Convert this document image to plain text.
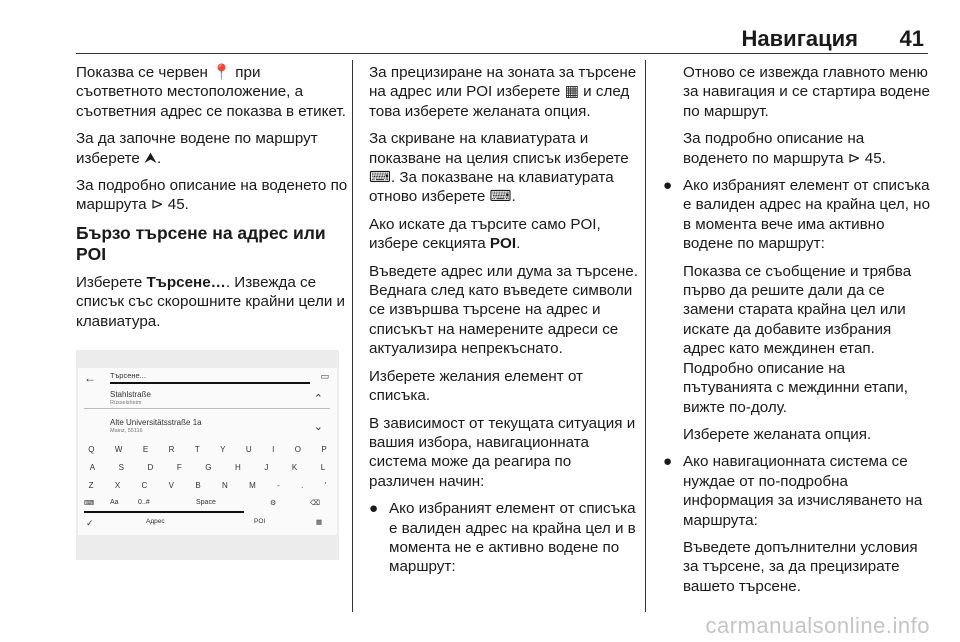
Навигация 41

Показва се червен 📍 при съответното местоположение, а съответния адрес се показва в етикет.

За да започне водене по маршрут изберете ⮝.

За подробно описание на воденето по маршрута ⊳ 45.

Бързо търсене на адрес или POI

Изберете Търсене…. Извежда се списък със скорошните крайни цели и клавиатура.

← Търсене...	▭
Stahlstraße
Rüsselsheim	⌃
Alte Universitätsstraße 1a
Mainz, 55116	⌄
Q	W	E	R	T	Y	U	I	O	P
A	S	D	F	G	H	J	K	L
Z	X	C	V	B	N	M	-	.	'
⌨ Aa	0..#	Space	⚙	⌫
✓	Адрес	POI	▦

За прецизиране на зоната за търсене на адрес или POI изберете ▦ и след това изберете желаната опция.

За скриване на клавиатурата и показване на целия списък изберете ⌨. За показване на клавиатурата отново изберете ⌨.

Ако искате да търсите само POI, избере секцията POI.

Въведете адрес или дума за търсене. Веднага след като въведете символи се извършва търсене на адрес и списъкът на намерените адреси се актуализира непрекъснато.

Изберете желания елемент от списъка.

В зависимост от текущата ситуация и вашия избора, навигационната система може да реагира по различен начин:

● Ако избраният елемент от списъка е валиден адрес на крайна цел и в момента не е активно водене по маршрут:

Отново се извежда главното меню за навигация и се стартира водене по маршрут.

За подробно описание на воденето по маршрута ⊳ 45.

● Ако избраният елемент от списъка е валиден адрес на крайна цел, но в момента вече има активно водене по маршрут:

Показва се съобщение и трябва първо да решите дали да се замени старата крайна цел или искате да добавите избрания адрес като междинен етап. Подробно описание на пътуванията с междинни етапи, вижте по-долу.

Изберете желаната опция.

● Ако навигационната система се нуждае от по-подробна информация за изчисляването на маршрута:

Въведете допълнителни условия за търсене, за да прецизирате вашето търсене.

carmanualsonline.info
